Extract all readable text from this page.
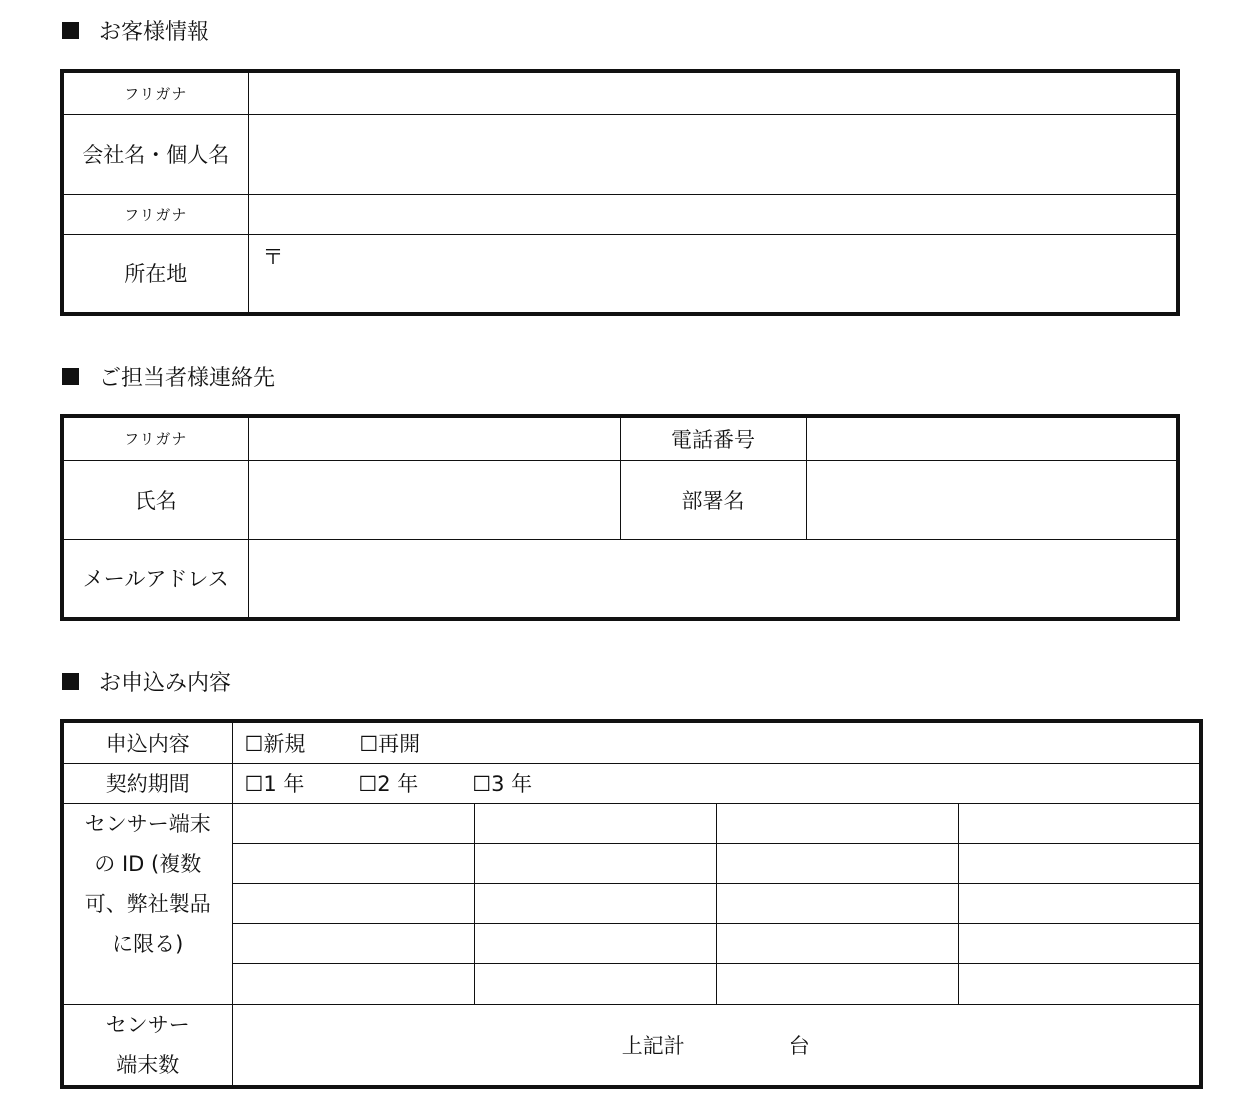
お客様情報
フリガナ	
会社名・個人名	
フリガナ	
所在地	〒
ご担当者様連絡先
フリガナ		電話番号	
氏名		部署名	
メールアドレス			
お申込み内容
申込内容	☐新規 ☐再開			
契約期間	☐1 年 ☐2 年 ☐3 年			

センサー端末
の ID (複数
可、弊社製品
に限る)				

センサー
端末数	上記計 台			
